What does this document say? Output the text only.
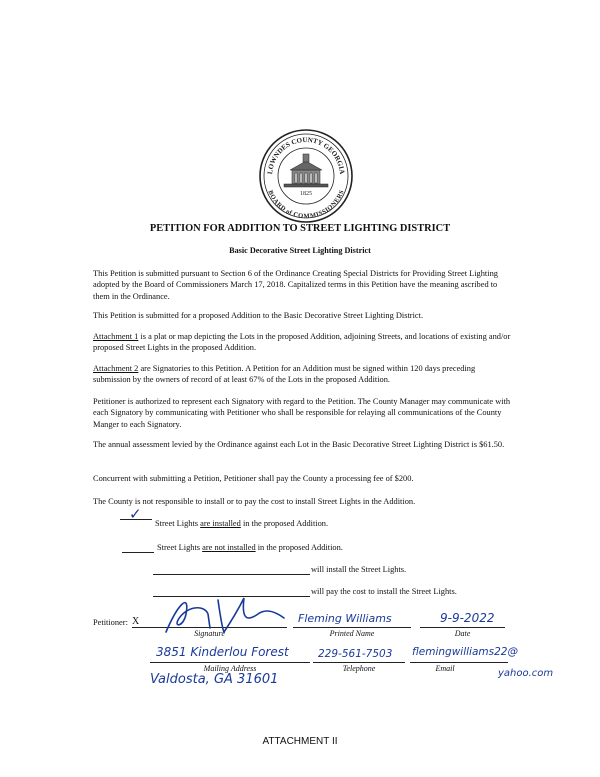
LOWNDES COUNTY GEORGIA
BOARD of COMMISSIONERS
1825
PETITION FOR ADDITION TO STREET LIGHTING DISTRICT
Basic Decorative Street Lighting District
This Petition is submitted pursuant to Section 6 of the Ordinance Creating Special Districts for Providing Street Lighting adopted by the Board of Commissioners March 17, 2018. Capitalized terms in this Petition have the meaning ascribed to them in the Ordinance.
This Petition is submitted for a proposed Addition to the Basic Decorative Street Lighting District.
Attachment 1 is a plat or map depicting the Lots in the proposed Addition, adjoining Streets, and locations of existing and/or proposed Street Lights in the proposed Addition.
Attachment 2 are Signatories to this Petition. A Petition for an Addition must be signed within 120 days preceding submission by the owners of record of at least 67% of the Lots in the proposed Addition.
Petitioner is authorized to represent each Signatory with regard to the Petition. The County Manager may communicate with each Signatory by communicating with Petitioner who shall be responsible for relaying all communications of the County Manger to each Signatory.
The annual assessment levied by the Ordinance against each Lot in the Basic Decorative Street Lighting District is $61.50.
Concurrent with submitting a Petition, Petitioner shall pay the County a processing fee of $200.
The County is not responsible to install or to pay the cost to install Street Lights in the Addition.
✓
Street Lights are installed in the proposed Addition.
Street Lights are not installed in the proposed Addition.
will install the Street Lights.
will pay the cost to install the Street Lights.
Petitioner: X
Signature
Fleming Williams
Printed Name
9-9-2022
Date
3851 Kinderlou Forest
Mailing Address
Valdosta, GA 31601
229-561-7503
Telephone
flemingwilliams22@
Email	yahoo.com
ATTACHMENT II
